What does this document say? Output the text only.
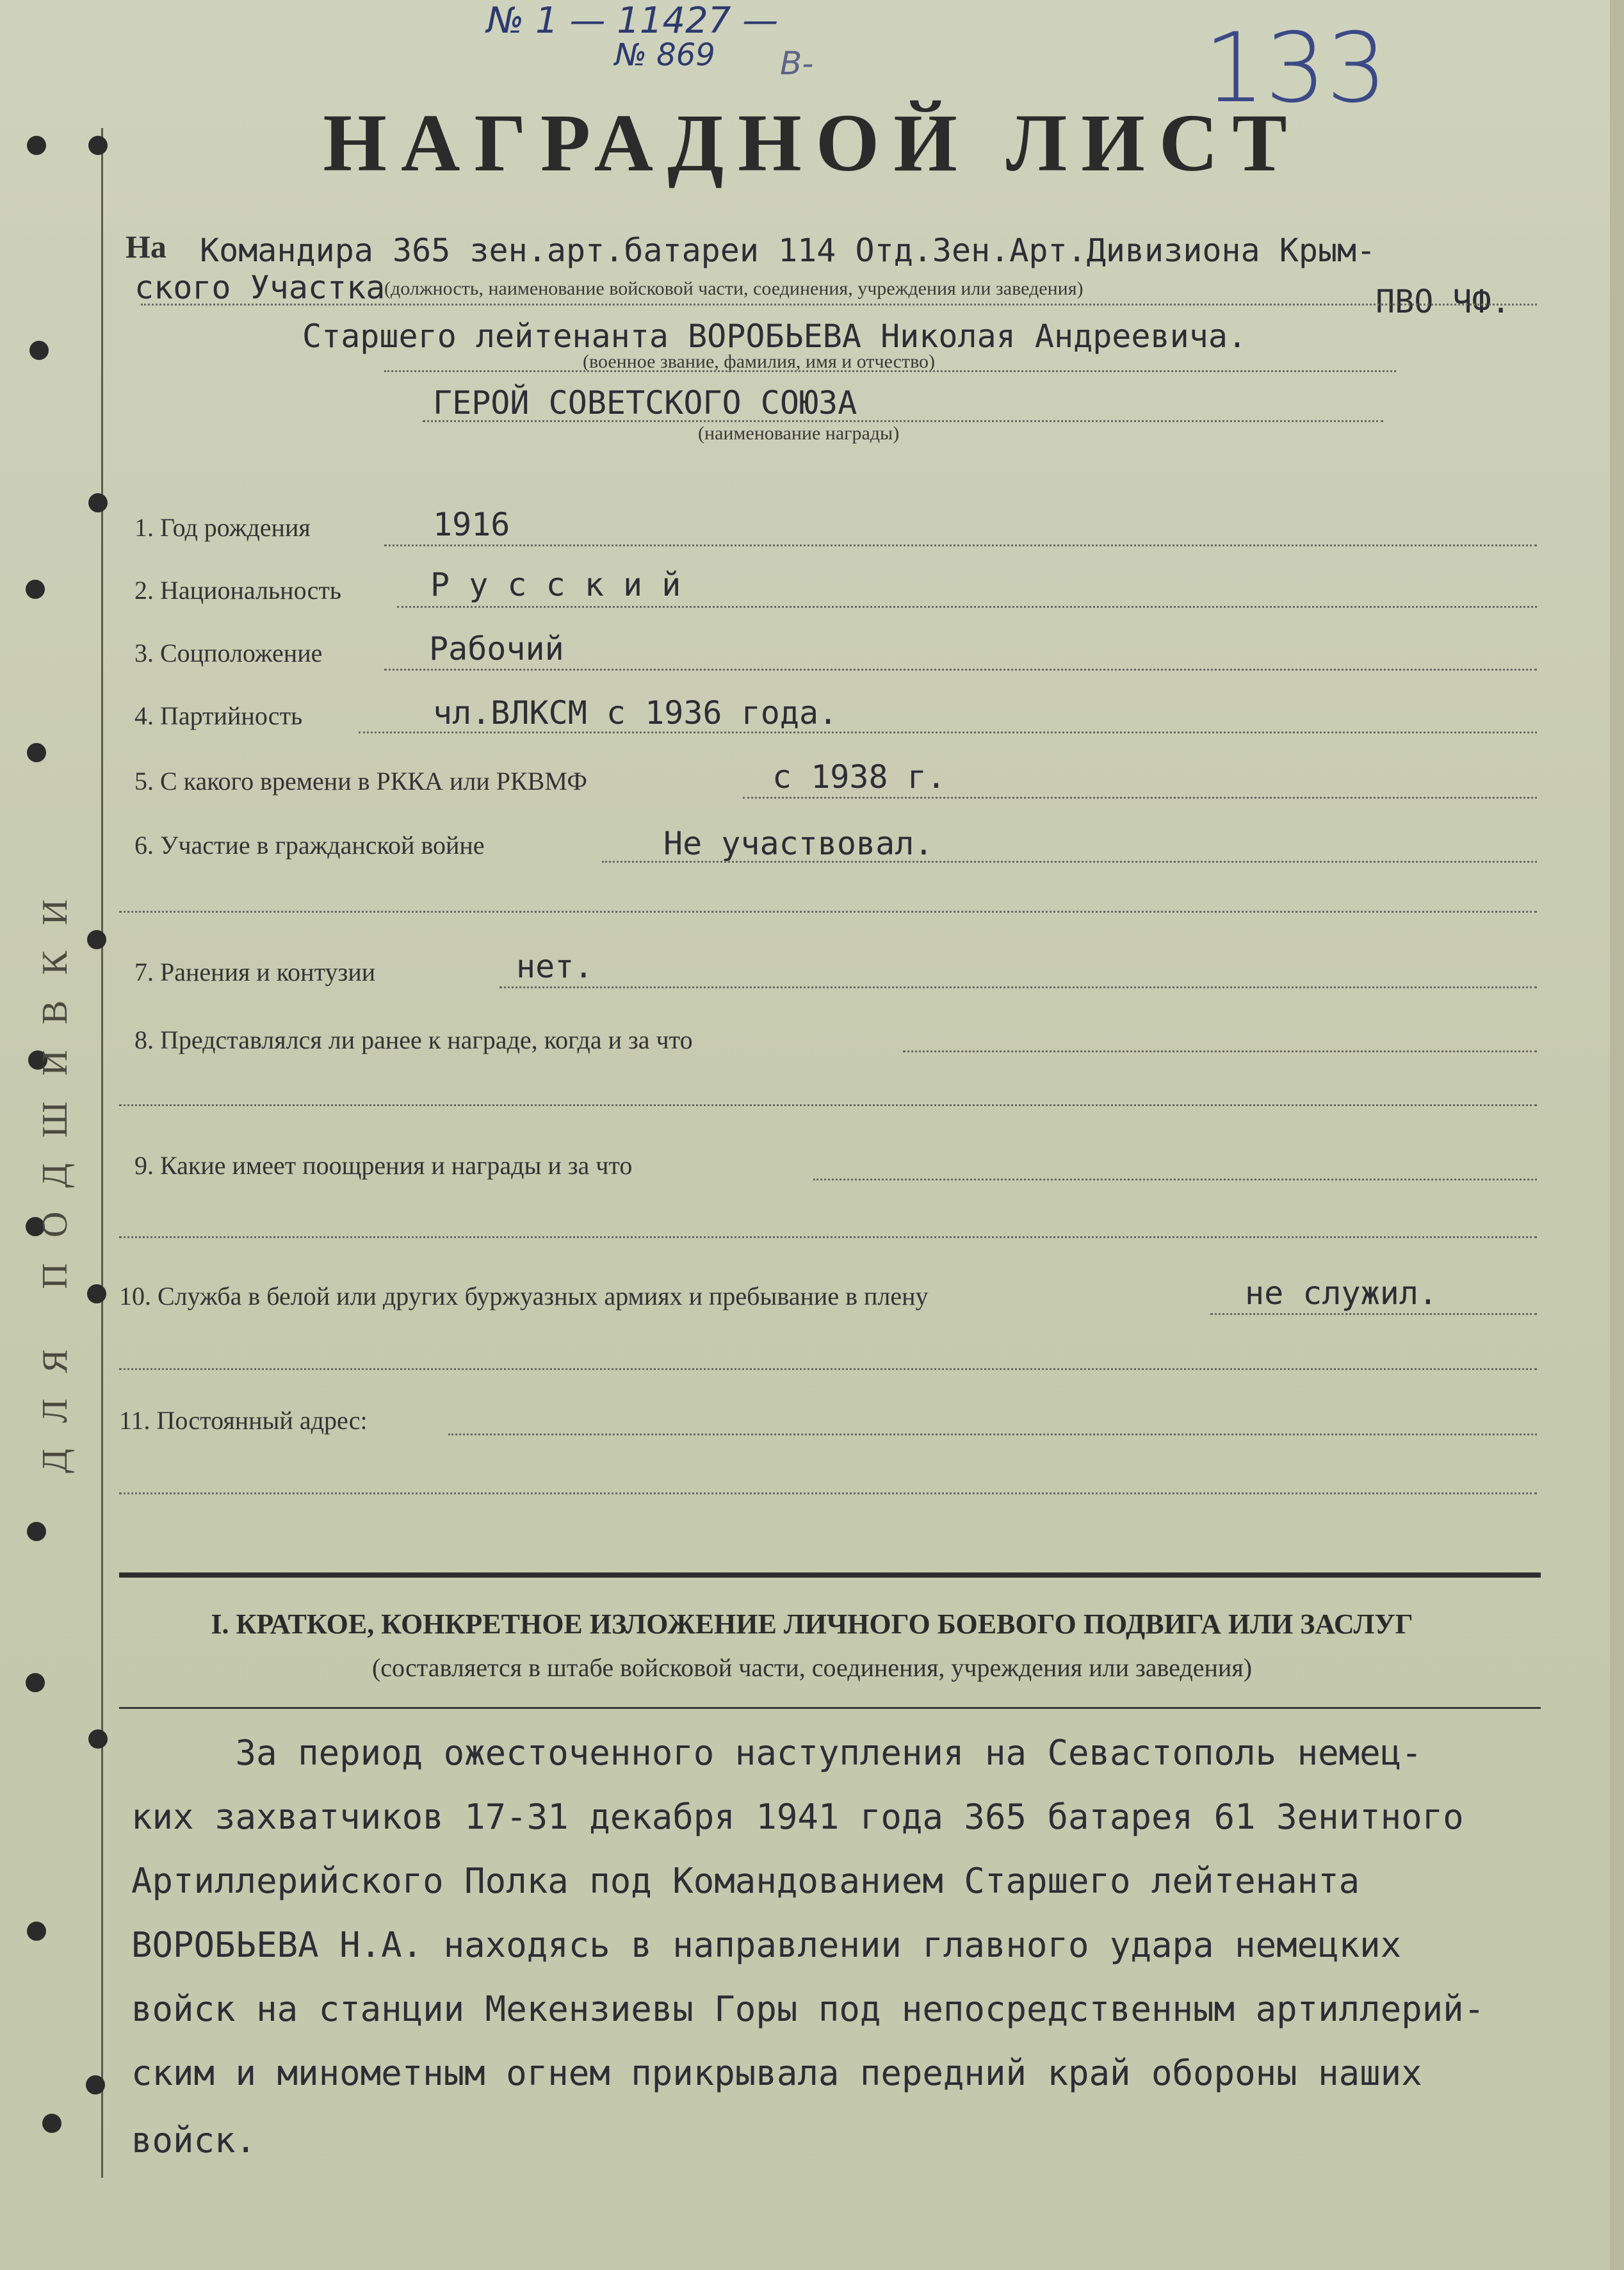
ДЛЯ ПОДШИВКИ
№ 1 — 11427 —
№ 869 В-	133
НАГРАДНОЙ ЛИСТ
На Командира 365 зен.арт.батареи 114 Отд.Зен.Арт.Дивизиона Крым-
ского Участка	ПВО ЧФ.
(должность, наименование войсковой части, соединения, учреждения или заведения)
Старшего лейтенанта ВОРОБЬЕВА Николая Андреевича.
(военное звание, фамилия, имя и отчество)
ГЕРОЙ СОВЕТСКОГО СОЮЗА
(наименование награды)
1. Год рождения	1916
2. Национальность	Р у с с к и й
3. Соцположение	Рабочий
4. Партийность	чл.ВЛКСМ с 1936 года.
5. С какого времени в РККА или РКВМФ	с 1938 г.
6. Участие в гражданской войне	Не участвовал.
7. Ранения и контузии	нет.
8. Представлялся ли ранее к награде, когда и за что
9. Какие имеет поощрения и награды и за что
10. Служба в белой или других буржуазных армиях и пребывание в плену	не служил.
11. Постоянный адрес:
I. КРАТКОЕ, КОНКРЕТНОЕ ИЗЛОЖЕНИЕ ЛИЧНОГО БОЕВОГО ПОДВИГА ИЛИ ЗАСЛУГ
(составляется в штабе войсковой части, соединения, учреждения или заведения)
За период ожесточенного наступления на Севастополь немец-
ких захватчиков 17-31 декабря 1941 года 365 батарея 61 Зенитного
Артиллерийского Полка под Командованием Старшего лейтенанта
ВОРОБЬЕВА Н.А. находясь в направлении главного удара немецких
войск на станции Мекензиевы Горы под непосредственным артиллерий-
ским и минометным огнем прикрывала передний край обороны наших
войск.
